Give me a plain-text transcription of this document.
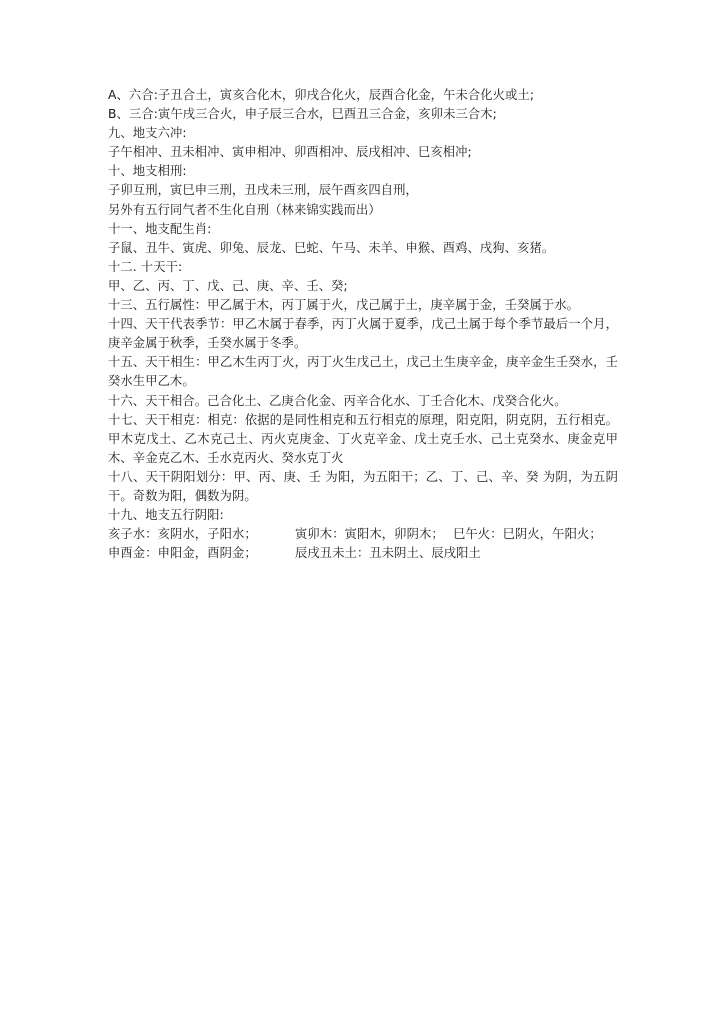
A、六合:子丑合土，寅亥合化木，卯戌合化火，辰酉合化金，午未合化火或土;
B、三合:寅午戌三合火，申子辰三合水，巳酉丑三合金，亥卯未三合木;
九、地支六冲:
子午相冲、丑未相冲、寅申相冲、卯酉相冲、辰戌相冲、巳亥相冲;
十、地支相刑:
子卯互刑，寅巳申三刑，丑戌未三刑，辰午酉亥四自刑，
另外有五行同气者不生化自刑（林来锦实践而出）
十一、地支配生肖:
子鼠、丑牛、寅虎、卯兔、辰龙、巳蛇、午马、未羊、申猴、酉鸡、戌狗、亥猪。
十二. 十天干:
甲、乙、丙、丁、戊、己、庚、辛、壬、癸;
十三、五行属性：甲乙属于木，丙丁属于火，戊己属于土，庚辛属于金，壬癸属于水。
十四、天干代表季节：甲乙木属于春季，丙丁火属于夏季，戊己土属于每个季节最后一个月，庚辛金属于秋季，壬癸水属于冬季。
十五、天干相生：甲乙木生丙丁火，丙丁火生戊己土，戊己土生庚辛金，庚辛金生壬癸水，壬癸水生甲乙木。
十六、天干相合。己合化土、乙庚合化金、丙辛合化水、丁壬合化木、戊癸合化火。
十七、天干相克：相克：依据的是同性相克和五行相克的原理，阳克阳，阴克阴，五行相克。甲木克戊土、乙木克己土、丙火克庚金、丁火克辛金、戊土克壬水、己土克癸水、庚金克甲木、辛金克乙木、壬水克丙火、癸水克丁火
十八、天干阴阳划分：甲、丙、庚、壬 为阳，为五阳干；乙、丁、己、辛、癸 为阴，为五阴干。奇数为阳，偶数为阴。
十九、地支五行阴阳:
亥子水：亥阴水，子阳水；	寅卯木：寅阳木，卯阴木； 巳午火：巳阴火，午阳火；
申酉金：申阳金，酉阴金；	辰戌丑未土：丑未阴土、辰戌阳土
